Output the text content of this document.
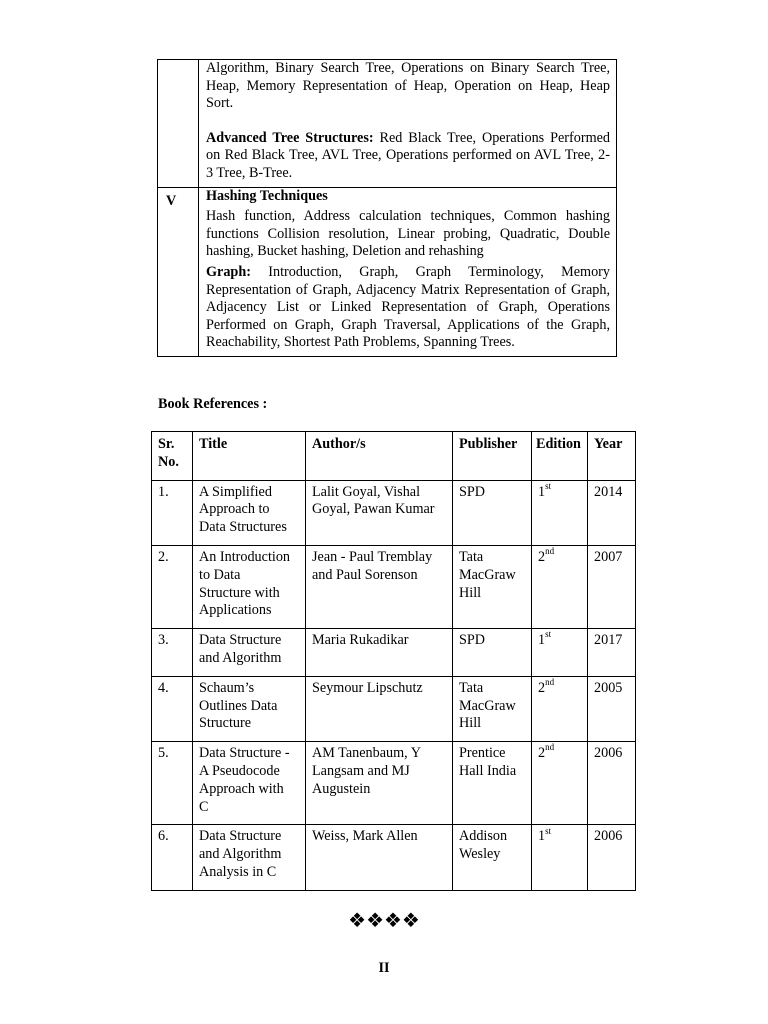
	Algorithm, Binary Search Tree, Operations on Binary Search Tree, Heap, Memory Representation of Heap, Operation on Heap, Heap Sort.

Advanced Tree Structures: Red Black Tree, Operations Performed on Red Black Tree, AVL Tree, Operations performed on AVL Tree, 2- 3 Tree, B-Tree.

V	Hashing Techniques

Hash function, Address calculation techniques, Common hashing functions Collision resolution, Linear probing, Quadratic, Double hashing, Bucket hashing, Deletion and rehashing

Graph: Introduction, Graph, Graph Terminology, Memory Representation of Graph, Adjacency Matrix Representation of Graph, Adjacency List or Linked Representation of Graph, Operations Performed on Graph, Graph Traversal, Applications of the Graph, Reachability, Shortest Path Problems, Spanning Trees.

Book References :

Sr.
No.	Title	Author/s	Publisher	Edition	Year
1.	A Simplified
Approach to
Data Structures	Lalit Goyal, Vishal
Goyal, Pawan Kumar	SPD	1st	2014
2.	An Introduction
to Data
Structure with
Applications	Jean - Paul Tremblay
and Paul Sorenson	Tata
MacGraw
Hill	2nd	2007
3.	Data Structure
and Algorithm	Maria Rukadikar	SPD	1st	2017
4.	Schaum’s
Outlines Data
Structure	Seymour Lipschutz	Tata
MacGraw
Hill	2nd	2005
5.	Data Structure -
A Pseudocode
Approach with
C	AM Tanenbaum, Y
Langsam and MJ
Augustein	Prentice
Hall India	2nd	2006
6.	Data Structure
and Algorithm
Analysis in C	Weiss, Mark Allen	Addison
Wesley	1st	2006
❖❖❖❖
II
